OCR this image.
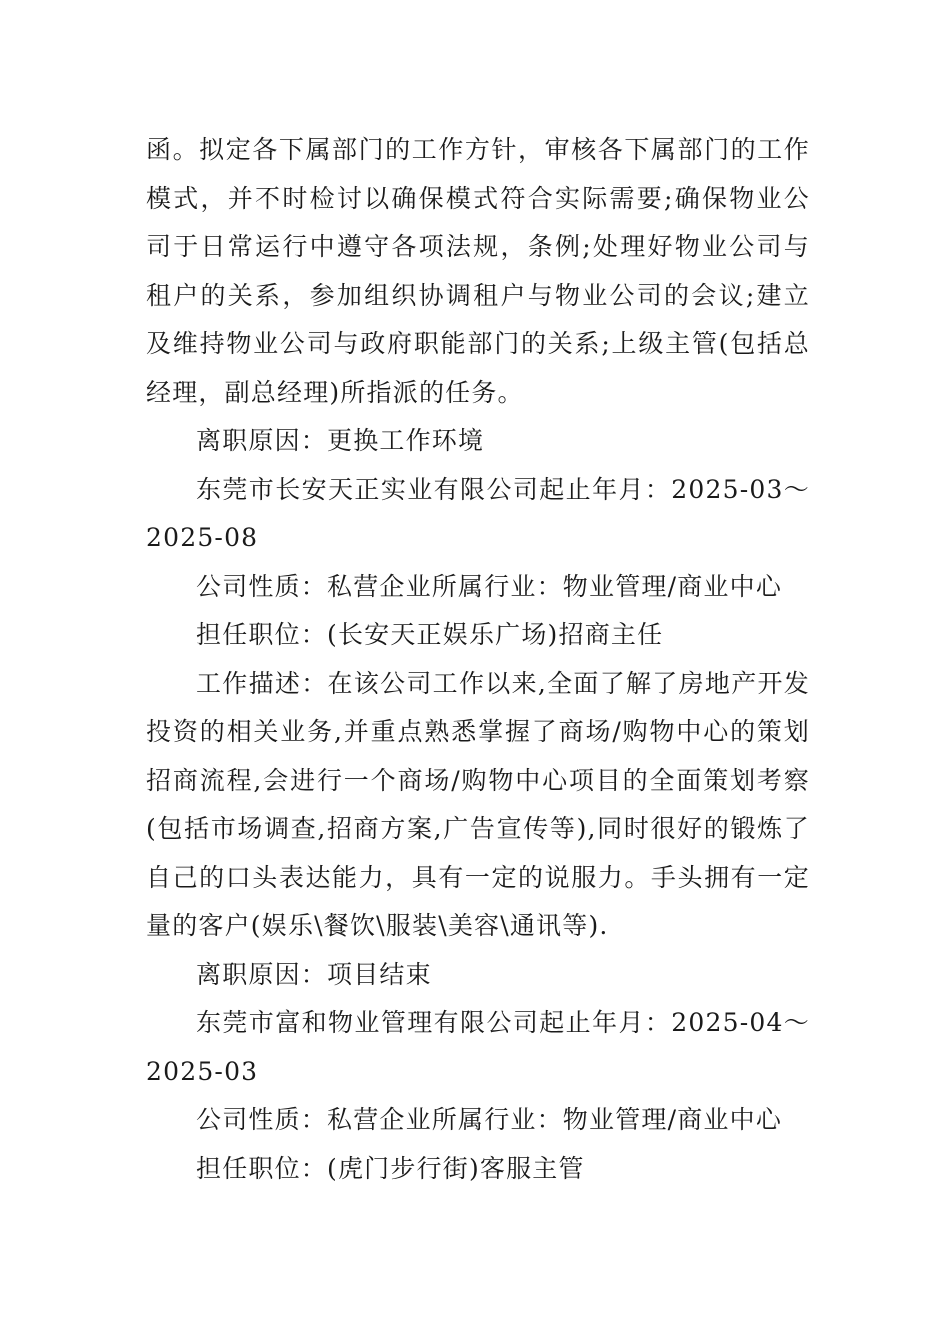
函。拟定各下属部门的工作方针，审核各下属部门的工作模式，并不时检讨以确保模式符合实际需要;确保物业公司于日常运行中遵守各项法规，条例;处理好物业公司与租户的关系，参加组织协调租户与物业公司的会议;建立及维持物业公司与政府职能部门的关系;上级主管(包括总经理，副总经理)所指派的任务。

离职原因：更换工作环境

东莞市长安天正实业有限公司起止年月：2025-03～2025-08

公司性质：私营企业所属行业：物业管理/商业中心

担任职位：(长安天正娱乐广场)招商主任

工作描述：在该公司工作以来,全面了解了房地产开发投资的相关业务,并重点熟悉掌握了商场/购物中心的策划招商流程,会进行一个商场/购物中心项目的全面策划考察(包括市场调查,招商方案,广告宣传等),同时很好的锻炼了自己的口头表达能力，具有一定的说服力。手头拥有一定量的客户(娱乐\餐饮\服装\美容\通讯等).

离职原因：项目结束

东莞市富和物业管理有限公司起止年月：2025-04～2025-03

公司性质：私营企业所属行业：物业管理/商业中心

担任职位：(虎门步行街)客服主管
